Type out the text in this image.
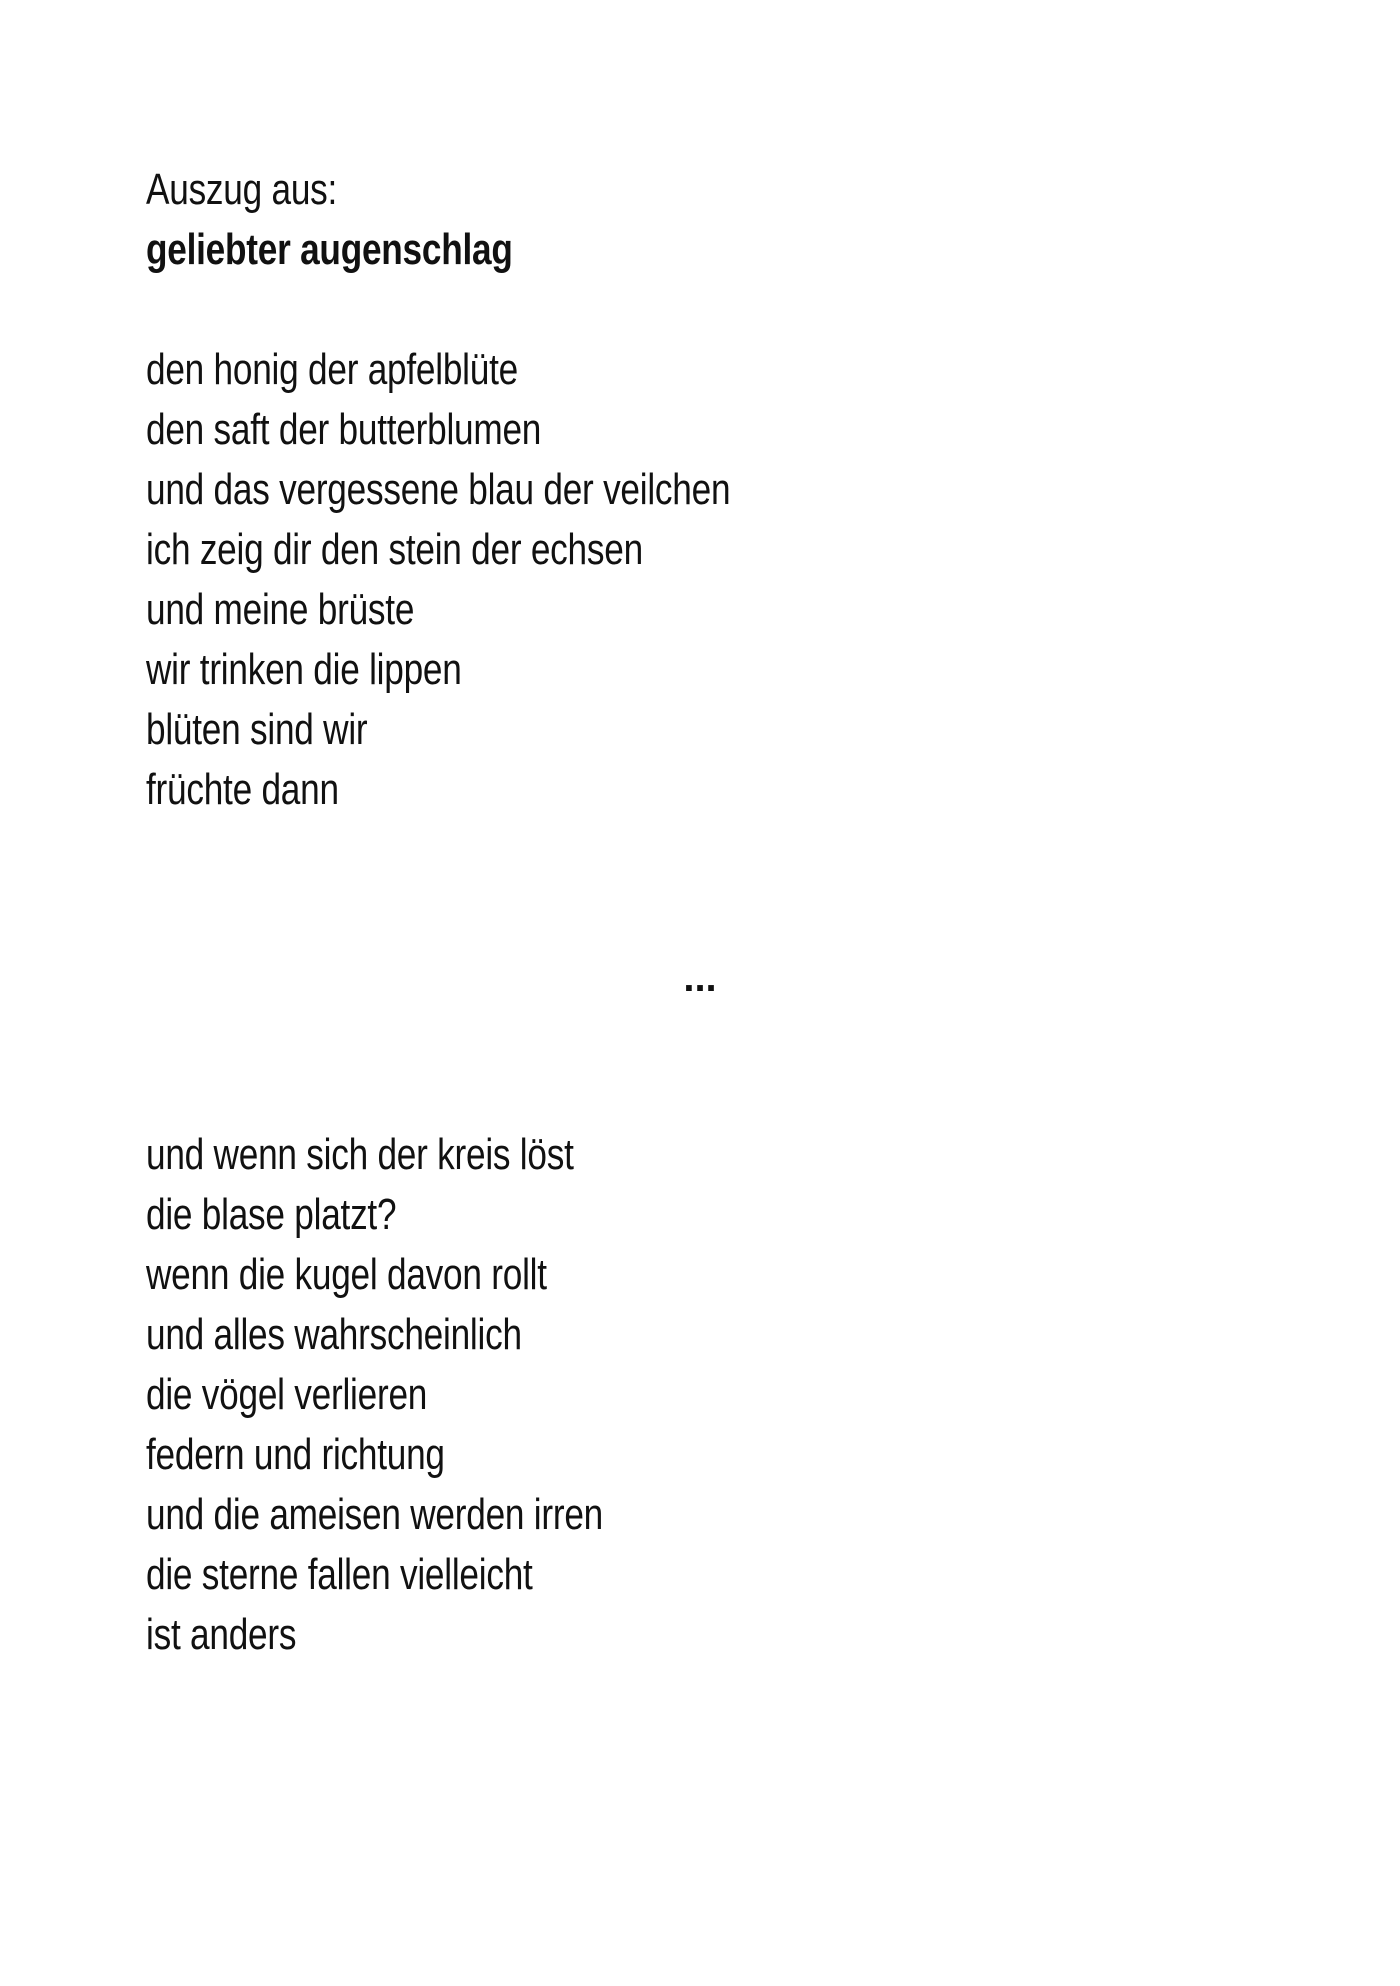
Auszug aus:
geliebter augenschlag
den honig der apfelblüte
den saft der butterblumen
und das vergessene blau der veilchen
ich zeig dir den stein der echsen
und meine brüste
wir trinken die lippen
blüten sind wir
früchte dann
...
und wenn sich der kreis löst
die blase platzt?
wenn die kugel davon rollt
und alles wahrscheinlich
die vögel verlieren
federn und richtung
und die ameisen werden irren
die sterne fallen vielleicht
ist anders
